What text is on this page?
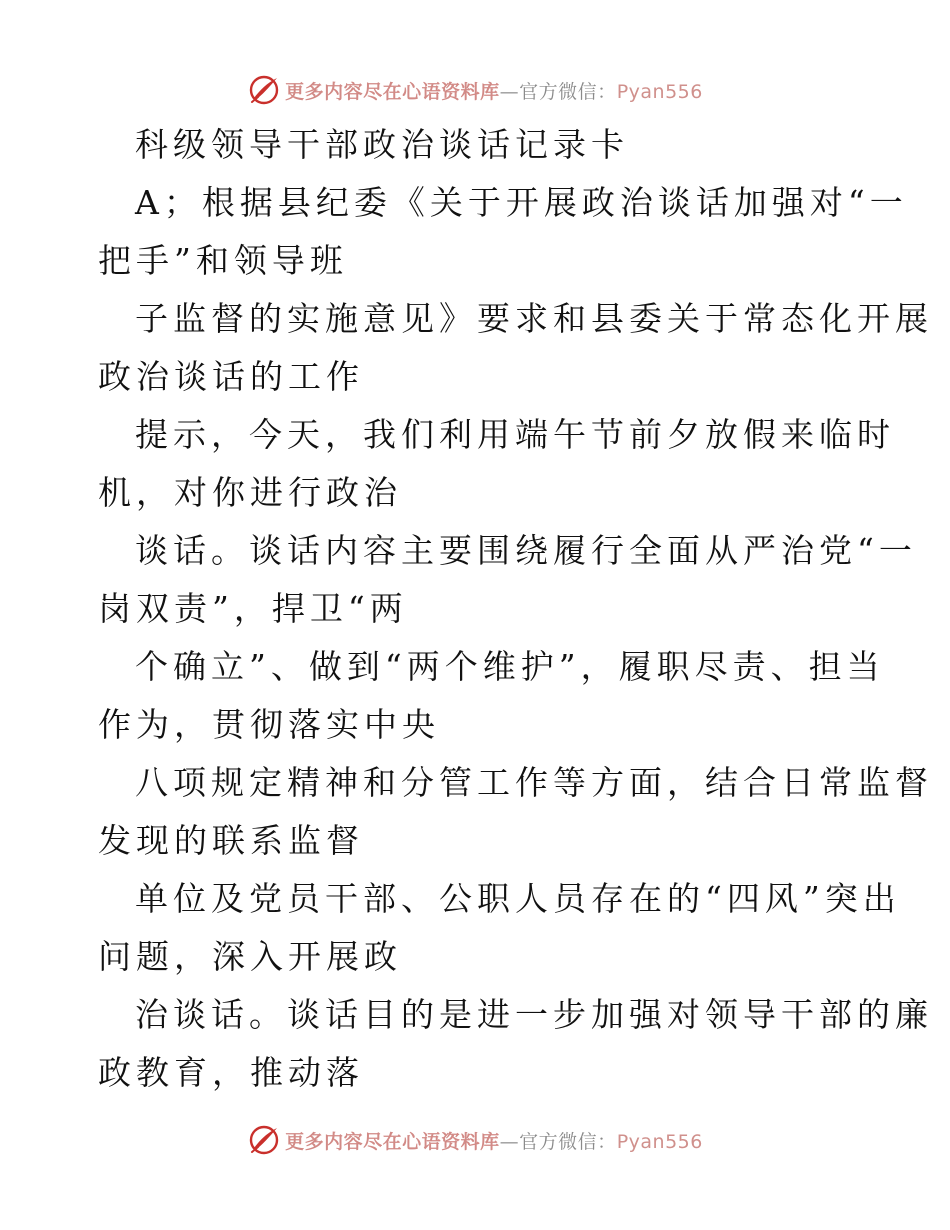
更多内容尽在心语资料库—官方微信：Pyan556
科级领导干部政治谈话记录卡
A；根据县纪委《关于开展政治谈话加强对“一
把手”和领导班
子监督的实施意见》要求和县委关于常态化开展
政治谈话的工作
提示，今天，我们利用端午节前夕放假来临时
机，对你进行政治
谈话。谈话内容主要围绕履行全面从严治党“一
岗双责”，捍卫“两
个确立”、做到“两个维护”，履职尽责、担当
作为，贯彻落实中央
八项规定精神和分管工作等方面，结合日常监督
发现的联系监督
单位及党员干部、公职人员存在的“四风”突出
问题，深入开展政
治谈话。谈话目的是进一步加强对领导干部的廉
政教育，推动落
更多内容尽在心语资料库—官方微信：Pyan556
